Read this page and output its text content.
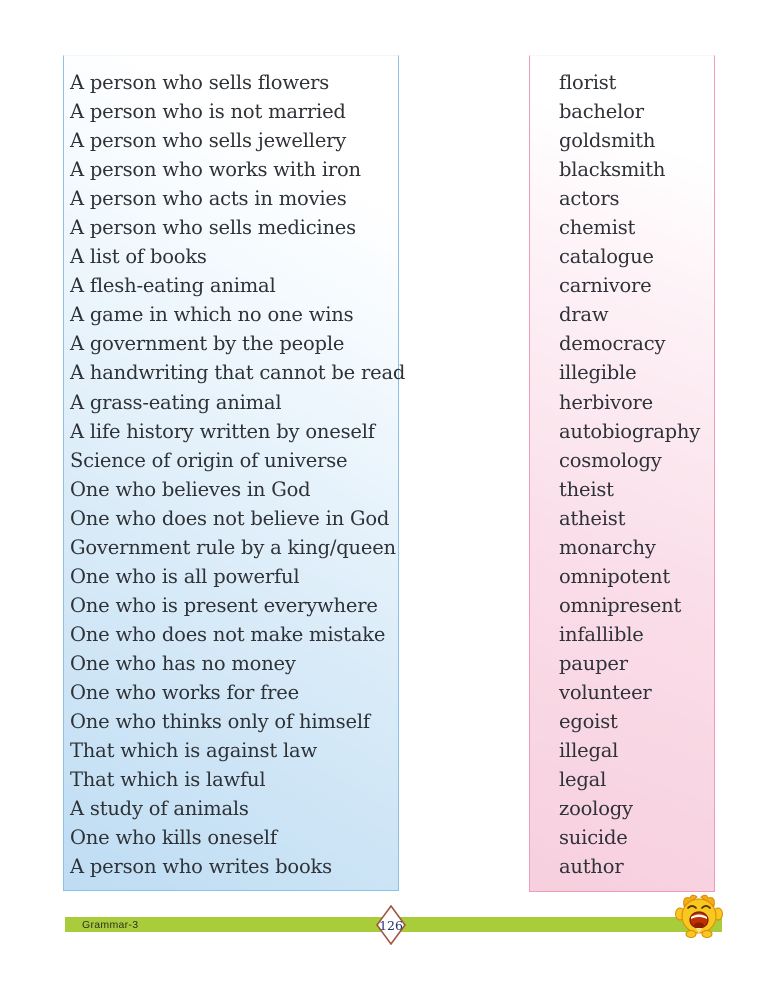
A person who sells flowers
A person who is not married
A person who sells jewellery
A person who works with iron
A person who acts in movies
A person who sells medicines
A list of books
A flesh-eating animal
A game in which no one wins
A government by the people
A handwriting that cannot be read
A grass-eating animal
A life history written by oneself
Science of origin of universe
One who believes in God
One who does not believe in God
Government rule by a king/queen
One who is all powerful
One who is present everywhere
One who does not make mistake
One who has no money
One who works for free
One who thinks only of himself
That which is against law
That which is lawful
A study of animals
One who kills oneself
A person who writes books
florist
bachelor
goldsmith
blacksmith
actors
chemist
catalogue
carnivore
draw
democracy
illegible
herbivore
autobiography
cosmology
theist
atheist
monarchy
omnipotent
omnipresent
infallible
pauper
volunteer
egoist
illegal
legal
zoology
suicide
author
Grammar-3	126
